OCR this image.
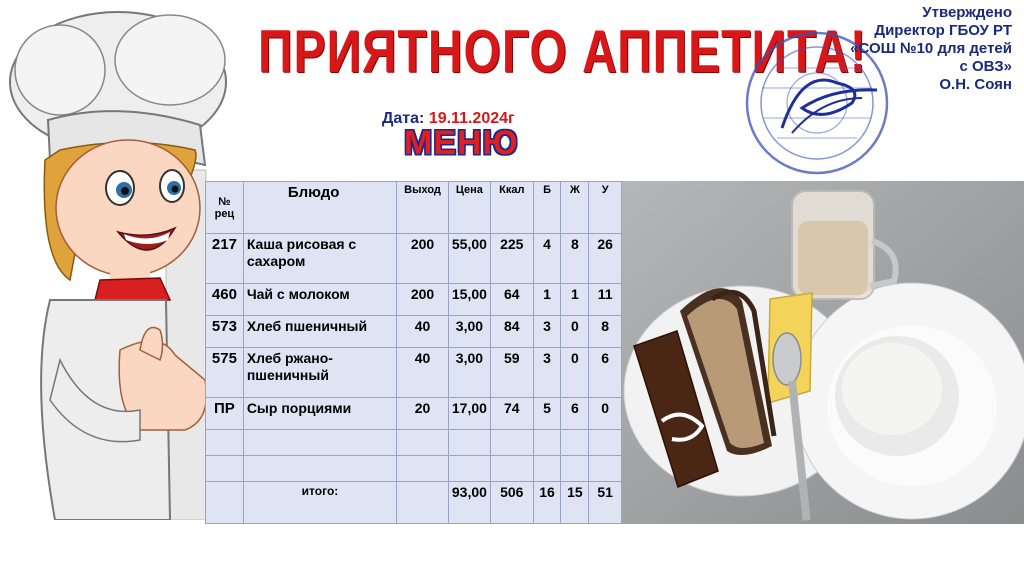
ПРИЯТНОГО АППЕТИТА!
Дата: 19.11.2024г
МЕНЮ
Утверждено
Директор ГБОУ РТ
«СОШ №10 для детей
с ОВЗ»
О.Н. Соян
№ рец	Блюдо	Выход	Цена	Ккал	Б	Ж	У
217	Каша рисовая с сахаром	200	55,00	225	4	8	26
460	Чай с молоком	200	15,00	64	1	1	11
573	Хлеб пшеничный	40	3,00	84	3	0	8
575	Хлеб ржано-пшеничный	40	3,00	59	3	0	6
ПР	Сыр порциями	20	17,00	74	5	6	0

	итого:		93,00	506	16	15	51
